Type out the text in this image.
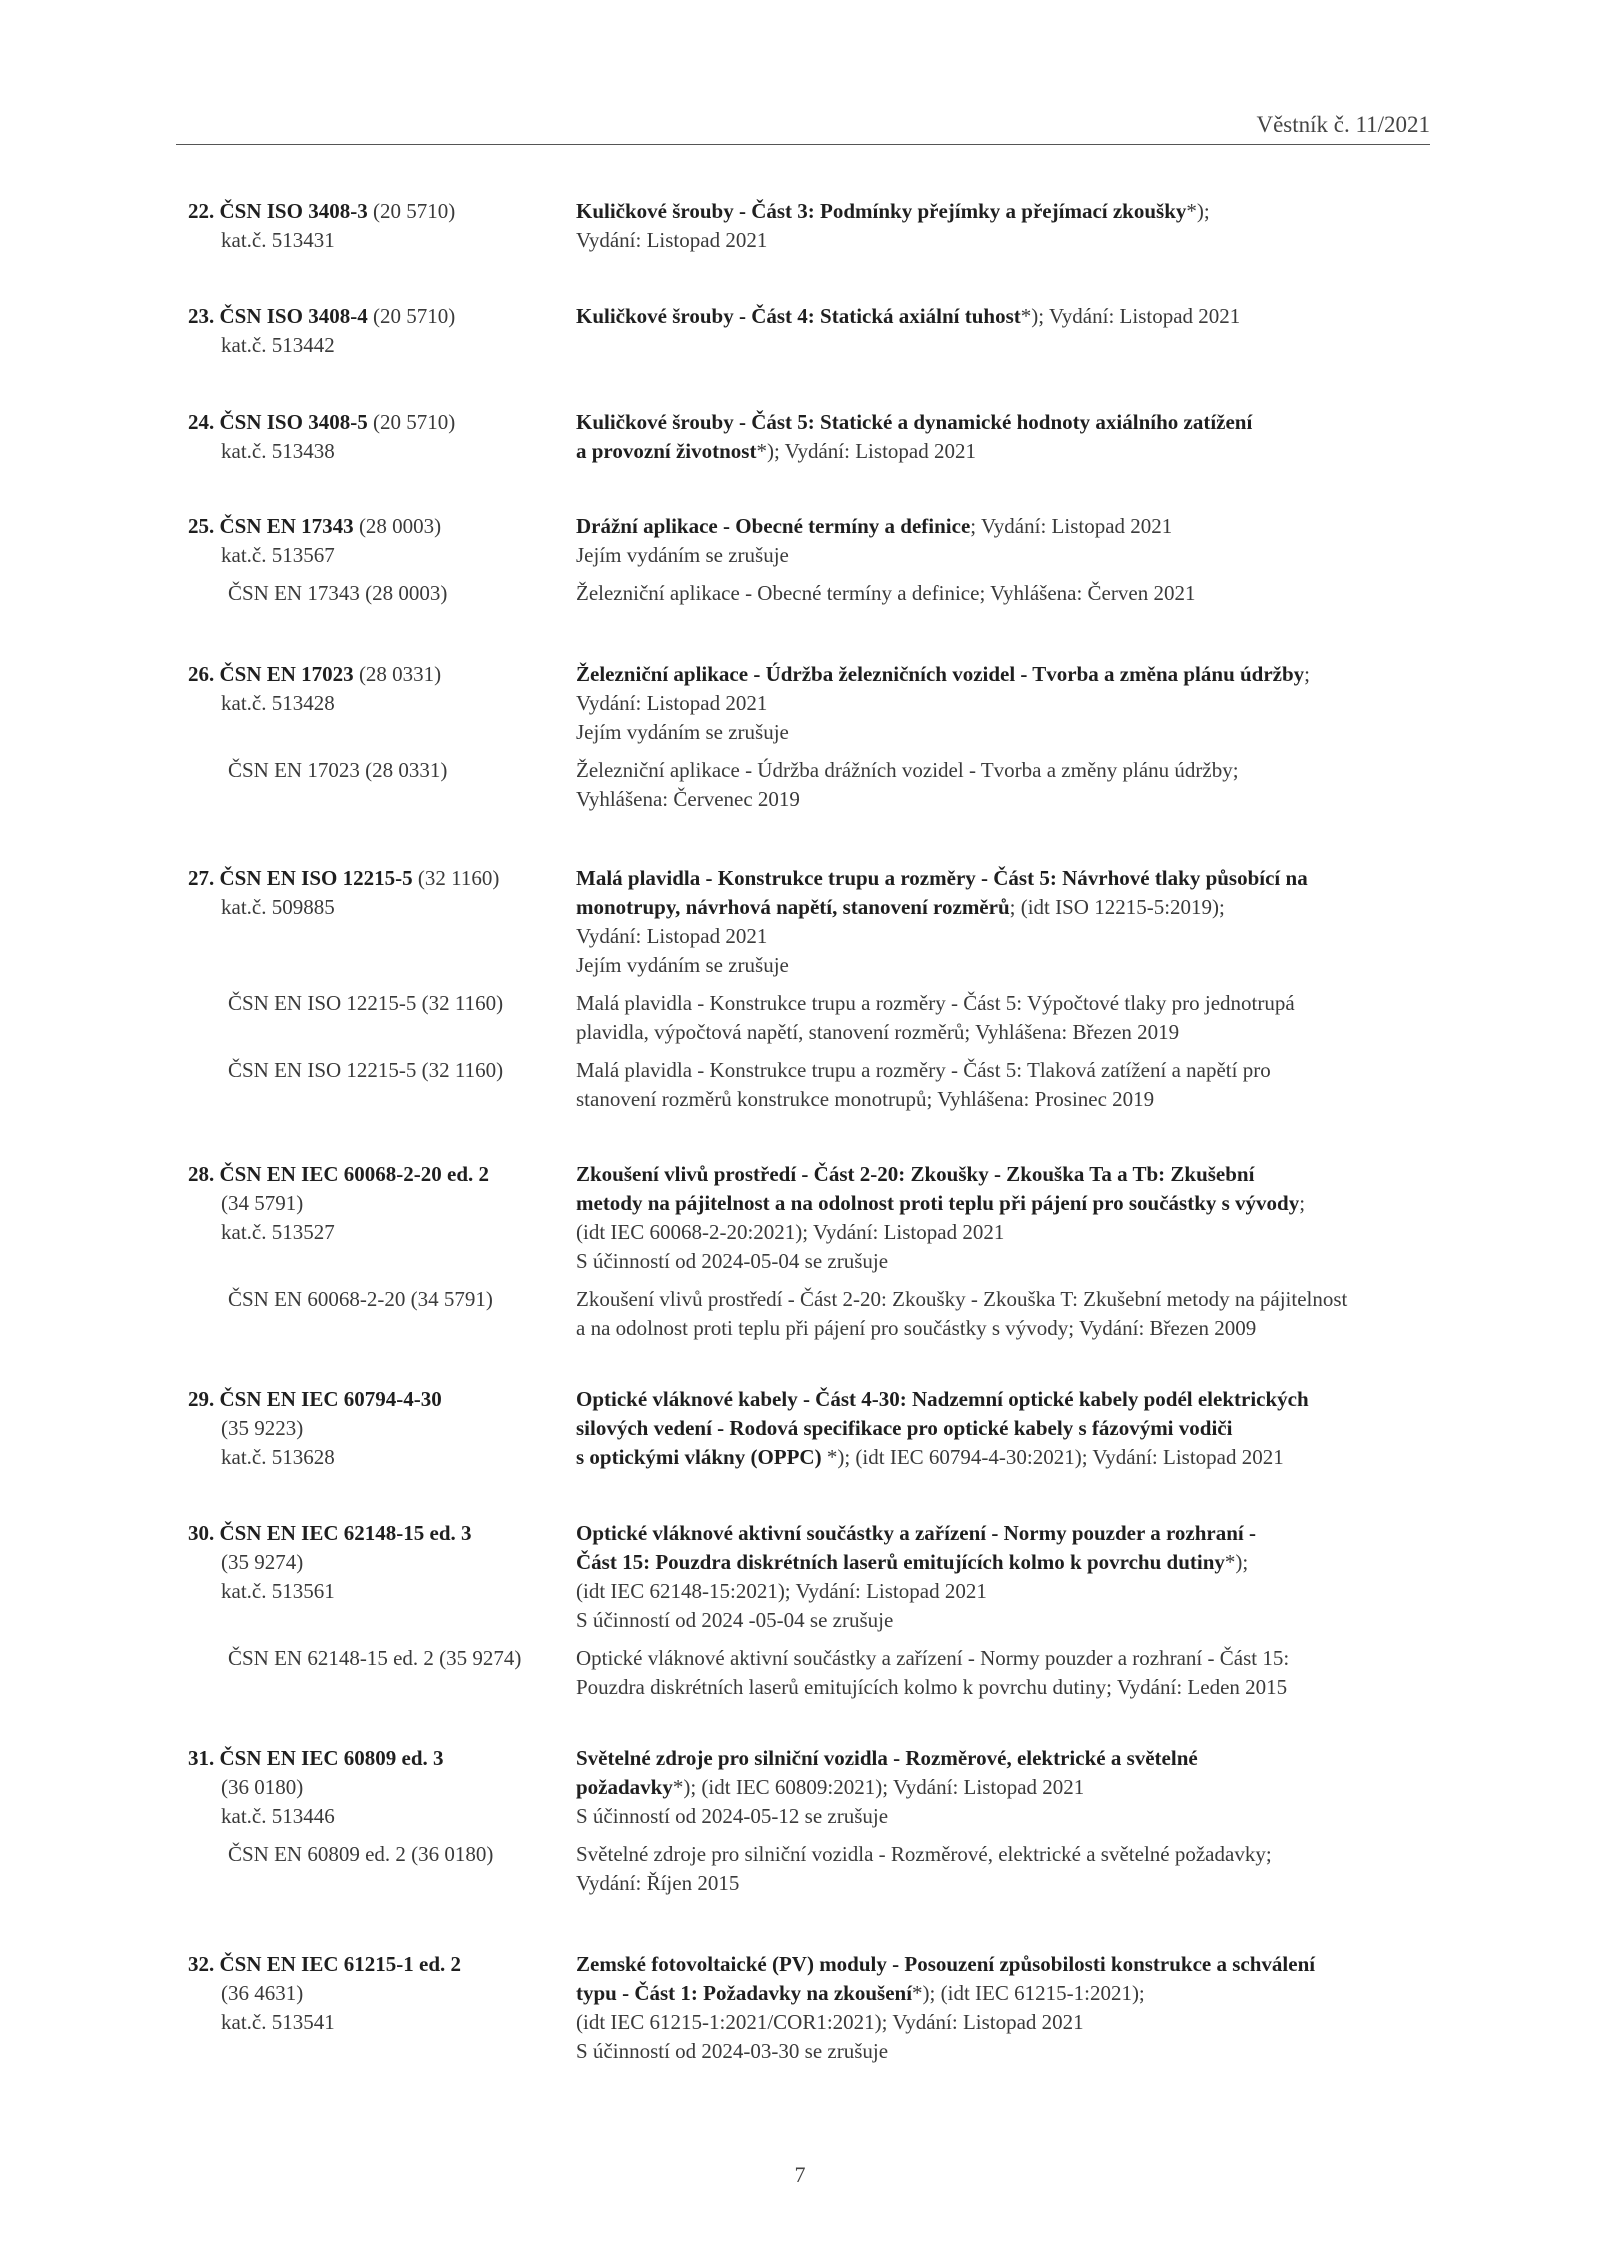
Věstník č. 11/2021
22. ČSN ISO 3408-3 (20 5710)
kat.č. 513431
Kuličkové šrouby - Část 3: Podmínky přejímky a přejímací zkoušky*);
Vydání: Listopad 2021
23. ČSN ISO 3408-4 (20 5710)
kat.č. 513442
Kuličkové šrouby - Část 4: Statická axiální tuhost*); Vydání: Listopad 2021
24. ČSN ISO 3408-5 (20 5710)
kat.č. 513438
Kuličkové šrouby - Část 5: Statické a dynamické hodnoty axiálního zatížení
a provozní životnost*); Vydání: Listopad 2021
25. ČSN EN 17343 (28 0003)
kat.č. 513567
ČSN EN 17343 (28 0003)
Drážní aplikace - Obecné termíny a definice; Vydání: Listopad 2021
Jejím vydáním se zrušuje
Železniční aplikace - Obecné termíny a definice; Vyhlášena: Červen 2021
26. ČSN EN 17023 (28 0331)
kat.č. 513428
ČSN EN 17023 (28 0331)
Železniční aplikace - Údržba železničních vozidel - Tvorba a změna plánu údržby;
Vydání: Listopad 2021
Jejím vydáním se zrušuje
Železniční aplikace - Údržba drážních vozidel - Tvorba a změny plánu údržby;
Vyhlášena: Červenec 2019
27. ČSN EN ISO 12215-5 (32 1160)
kat.č. 509885
ČSN EN ISO 12215-5 (32 1160)
ČSN EN ISO 12215-5 (32 1160)
Malá plavidla - Konstrukce trupu a rozměry - Část 5: Návrhové tlaky působící na
monotrupy, návrhová napětí, stanovení rozměrů; (idt ISO 12215-5:2019);
Vydání: Listopad 2021
Jejím vydáním se zrušuje
Malá plavidla - Konstrukce trupu a rozměry - Část 5: Výpočtové tlaky pro jednotrupá
plavidla, výpočtová napětí, stanovení rozměrů; Vyhlášena: Březen 2019
Malá plavidla - Konstrukce trupu a rozměry - Část 5: Tlaková zatížení a napětí pro
stanovení rozměrů konstrukce monotrupů; Vyhlášena: Prosinec 2019
28. ČSN EN IEC 60068-2-20 ed. 2
(34 5791)
kat.č. 513527
ČSN EN 60068-2-20 (34 5791)
Zkoušení vlivů prostředí - Část 2-20: Zkoušky - Zkouška Ta a Tb: Zkušební
metody na pájitelnost a na odolnost proti teplu při pájení pro součástky s vývody;
(idt IEC 60068-2-20:2021); Vydání: Listopad 2021
S účinností od 2024-05-04 se zrušuje
Zkoušení vlivů prostředí - Část 2-20: Zkoušky - Zkouška T: Zkušební metody na pájitelnost
a na odolnost proti teplu při pájení pro součástky s vývody; Vydání: Březen 2009
29. ČSN EN IEC 60794-4-30
(35 9223)
kat.č. 513628
Optické vláknové kabely - Část 4-30: Nadzemní optické kabely podél elektrických
silových vedení - Rodová specifikace pro optické kabely s fázovými vodiči
s optickými vlákny (OPPC) *); (idt IEC 60794-4-30:2021); Vydání: Listopad 2021
30. ČSN EN IEC 62148-15 ed. 3
(35 9274)
kat.č. 513561
ČSN EN 62148-15 ed. 2 (35 9274)
Optické vláknové aktivní součástky a zařízení - Normy pouzder a rozhraní -
Část 15: Pouzdra diskrétních laserů emitujících kolmo k povrchu dutiny*);
(idt IEC 62148-15:2021); Vydání: Listopad 2021
S účinností od 2024 -05-04 se zrušuje
Optické vláknové aktivní součástky a zařízení - Normy pouzder a rozhraní - Část 15:
Pouzdra diskrétních laserů emitujících kolmo k povrchu dutiny; Vydání: Leden 2015
31. ČSN EN IEC 60809 ed. 3
(36 0180)
kat.č. 513446
ČSN EN 60809 ed. 2 (36 0180)
Světelné zdroje pro silniční vozidla - Rozměrové, elektrické a světelné
požadavky*); (idt IEC 60809:2021); Vydání: Listopad 2021
S účinností od 2024-05-12 se zrušuje
Světelné zdroje pro silniční vozidla - Rozměrové, elektrické a světelné požadavky;
Vydání: Říjen 2015
32. ČSN EN IEC 61215-1 ed. 2
(36 4631)
kat.č. 513541
Zemské fotovoltaické (PV) moduly - Posouzení způsobilosti konstrukce a schválení
typu - Část 1: Požadavky na zkoušení*); (idt IEC 61215-1:2021);
(idt IEC 61215-1:2021/COR1:2021); Vydání: Listopad 2021
S účinností od 2024-03-30 se zrušuje
7
